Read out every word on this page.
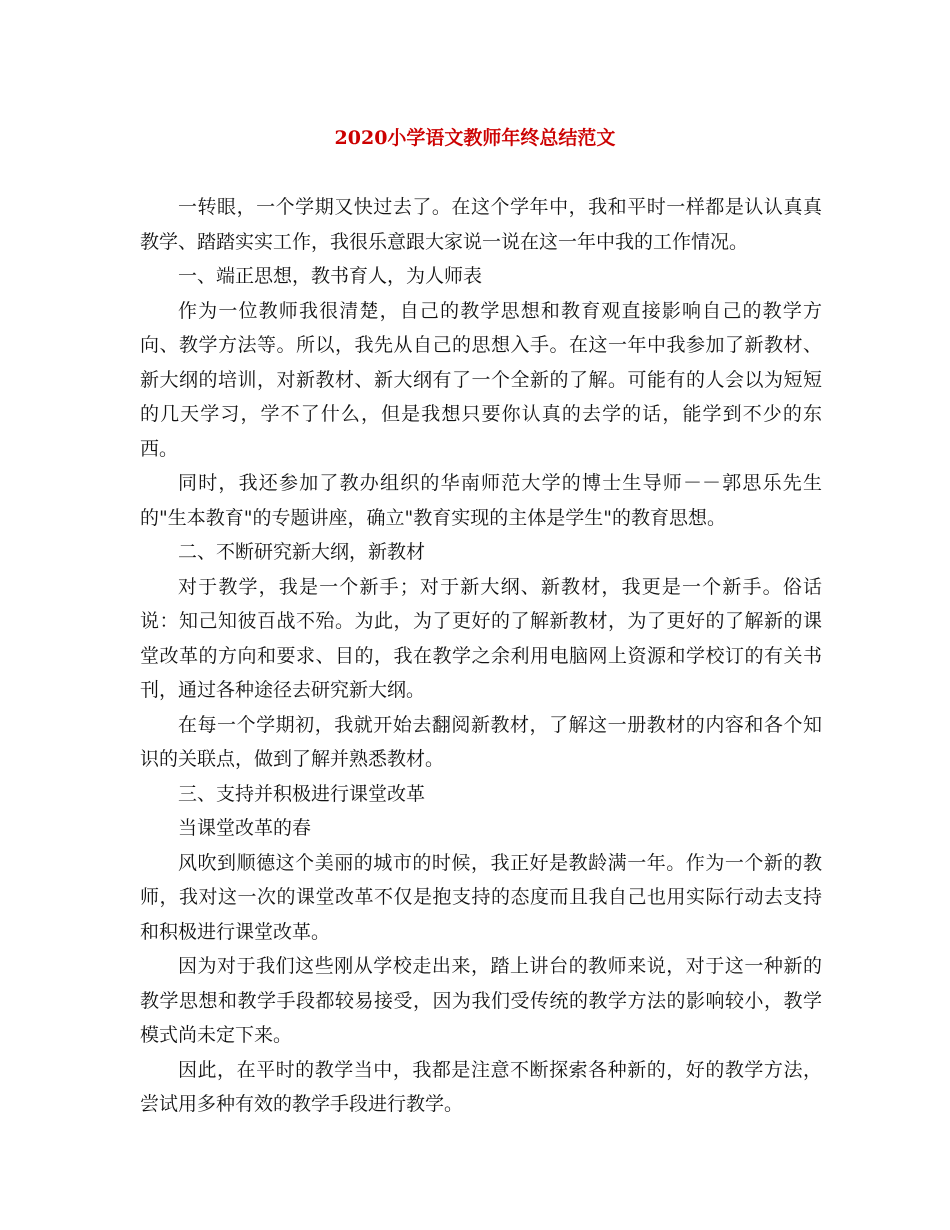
2020小学语文教师年终总结范文

一转眼，一个学期又快过去了。在这个学年中，我和平时一样都是认认真真教学、踏踏实实工作，我很乐意跟大家说一说在这一年中我的工作情况。

一、端正思想，教书育人，为人师表

作为一位教师我很清楚，自己的教学思想和教育观直接影响自己的教学方向、教学方法等。所以，我先从自己的思想入手。在这一年中我参加了新教材、新大纲的培训，对新教材、新大纲有了一个全新的了解。可能有的人会以为短短的几天学习，学不了什么，但是我想只要你认真的去学的话，能学到不少的东西。

同时，我还参加了教办组织的华南师范大学的博士生导师－－郭思乐先生的"生本教育"的专题讲座，确立"教育实现的主体是学生"的教育思想。

二、不断研究新大纲，新教材

对于教学，我是一个新手；对于新大纲、新教材，我更是一个新手。俗话说：知己知彼百战不殆。为此，为了更好的了解新教材，为了更好的了解新的课堂改革的方向和要求、目的，我在教学之余利用电脑网上资源和学校订的有关书刊，通过各种途径去研究新大纲。

在每一个学期初，我就开始去翻阅新教材，了解这一册教材的内容和各个知识的关联点，做到了解并熟悉教材。

三、支持并积极进行课堂改革

当课堂改革的春

风吹到顺德这个美丽的城市的时候，我正好是教龄满一年。作为一个新的教师，我对这一次的课堂改革不仅是抱支持的态度而且我自己也用实际行动去支持和积极进行课堂改革。

因为对于我们这些刚从学校走出来，踏上讲台的教师来说，对于这一种新的教学思想和教学手段都较易接受，因为我们受传统的教学方法的影响较小，教学模式尚未定下来。

因此，在平时的教学当中，我都是注意不断探索各种新的，好的教学方法，尝试用多种有效的教学手段进行教学。
